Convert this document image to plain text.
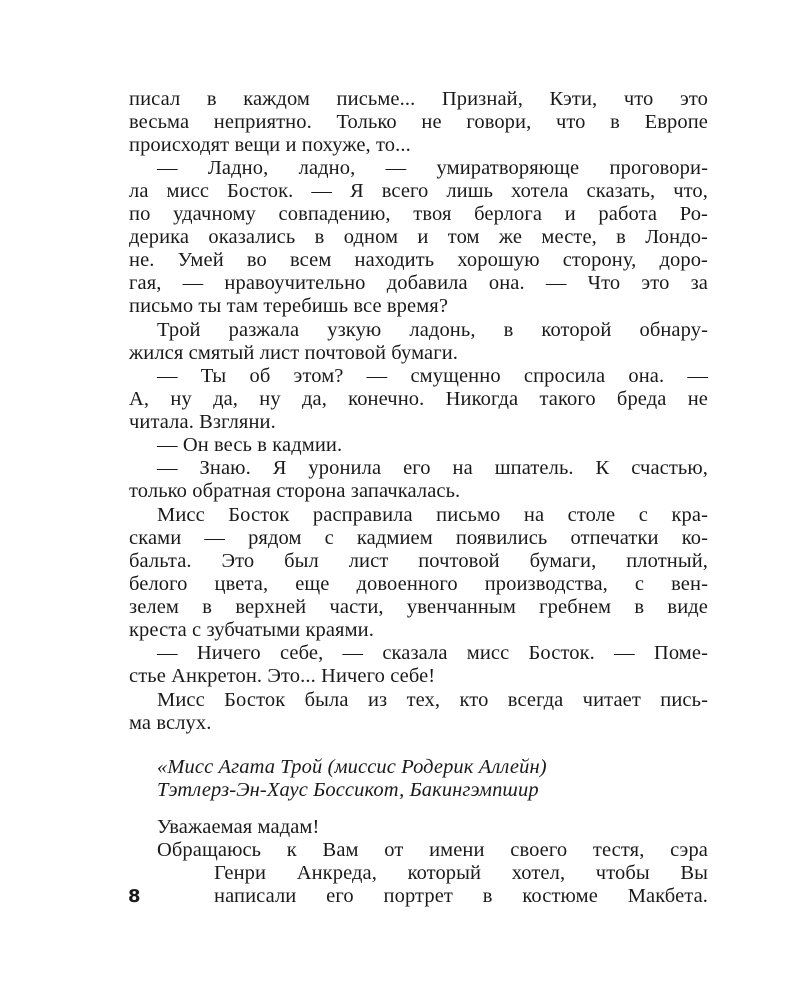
писал в каждом письме... Признай, Кэти, что это
весьма неприятно. Только не говори, что в Европе
происходят вещи и похуже, то...
— Ладно, ладно, — умиратворяюще проговори-
ла мисс Босток. — Я всего лишь хотела сказать, что,
по удачному совпадению, твоя берлога и работа Ро-
дерика оказались в одном и том же месте, в Лондо-
не. Умей во всем находить хорошую сторону, доро-
гая, — нравоучительно добавила она. — Что это за
письмо ты там теребишь все время?
Трой разжала узкую ладонь, в которой обнару-
жился смятый лист почтовой бумаги.
— Ты об этом? — смущенно спросила она. —
А, ну да, ну да, конечно. Никогда такого бреда не
читала. Взгляни.
— Он весь в кадмии.
— Знаю. Я уронила его на шпатель. К счастью,
только обратная сторона запачкалась.
Мисс Босток расправила письмо на столе с кра-
сками — рядом с кадмием появились отпечатки ко-
бальта. Это был лист почтовой бумаги, плотный,
белого цвета, еще довоенного производства, с вен-
зелем в верхней части, увенчанным гребнем в виде
креста с зубчатыми краями.
— Ничего себе, — сказала мисс Босток. — Поме-
стье Анкретон. Это... Ничего себе!
Мисс Босток была из тех, кто всегда читает пись-
ма вслух.
«Мисс Агата Трой (миссис Родерик Аллейн)
Тэтлерз-Эн-Хаус Боссикот, Бакингэмпшир
Уважаемая мадам!
Обращаюсь к Вам от имени своего тестя, сэра
Генри Анкреда, который хотел, чтобы Вы
написали его портрет в костюме Макбета.
8
